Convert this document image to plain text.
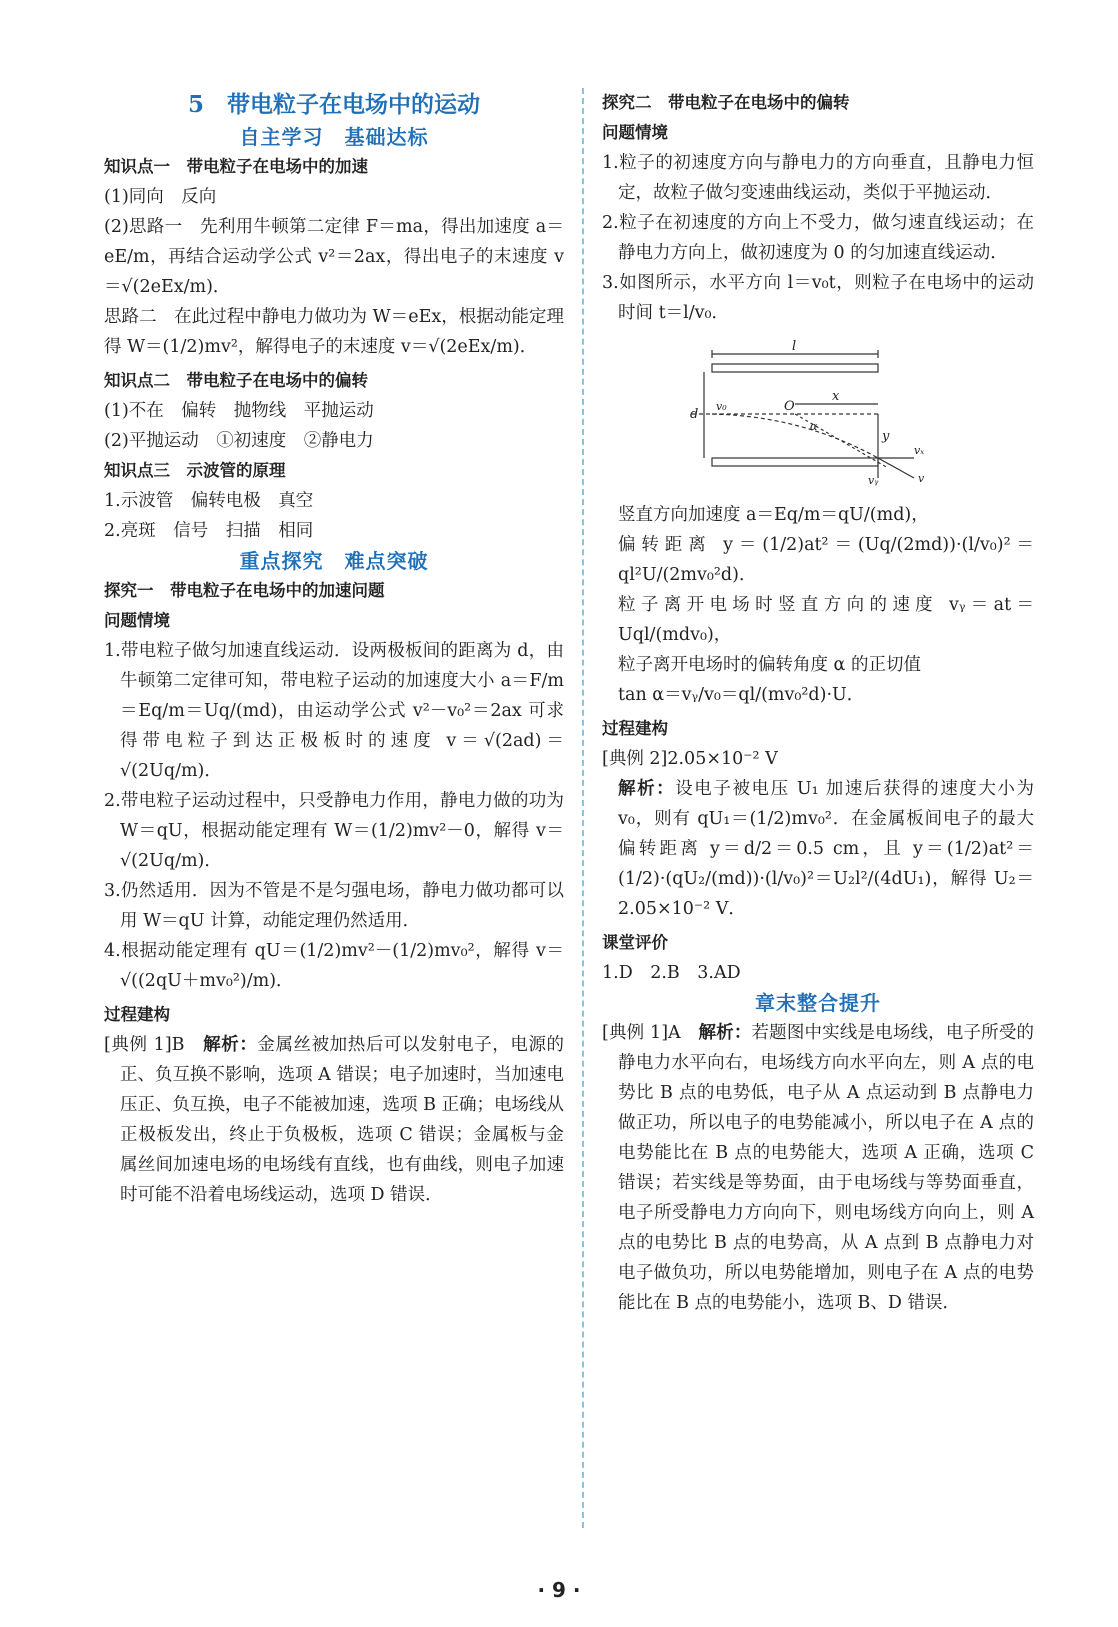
5　带电粒子在电场中的运动
自主学习　基础达标
知识点一　带电粒子在电场中的加速

(1)同向　反向

(2)思路一　先利用牛顿第二定律 F＝ma，得出加速度 a＝eE/m，再结合运动学公式 v²＝2ax，得出电子的末速度 v＝√(2eEx/m)．

思路二　在此过程中静电力做功为 W＝eEx，根据动能定理得 W＝(1/2)mv²，解得电子的末速度 v＝√(2eEx/m)．

知识点二　带电粒子在电场中的偏转

(1)不在　偏转　抛物线　平抛运动

(2)平抛运动　①初速度　②静电力

知识点三　示波管的原理

1.示波管　偏转电极　真空

2.亮斑　信号　扫描　相同

重点探究　难点突破
探究一　带电粒子在电场中的加速问题
问题情境

1.带电粒子做匀加速直线运动．设两极板间的距离为 d，由牛顿第二定律可知，带电粒子运动的加速度大小 a＝F/m＝Eq/m＝Uq/(md)，由运动学公式 v²－v₀²＝2ax 可求得带电粒子到达正极板时的速度 v＝√(2ad)＝√(2Uq/m)．

2.带电粒子运动过程中，只受静电力作用，静电力做的功为 W＝qU，根据动能定理有 W＝(1/2)mv²－0，解得 v＝√(2Uq/m)．

3.仍然适用．因为不管是不是匀强电场，静电力做功都可以用 W＝qU 计算，动能定理仍然适用．

4.根据动能定理有 qU＝(1/2)mv²－(1/2)mv₀²，解得 v＝√((2qU＋mv₀²)/m)．

过程建构

[典例 1]B　 解析：金属丝被加热后可以发射电子，电源的正、负互换不影响，选项 A 错误；电子加速时，当加速电压正、负互换，电子不能被加速，选项 B 正确；电场线从正极板发出，终止于负极板，选项 C 错误；金属板与金属丝间加速电场的电场线有直线，也有曲线，则电子加速时可能不沿着电场线运动，选项 D 错误．

探究二　带电粒子在电场中的偏转
问题情境

1.粒子的初速度方向与静电力的方向垂直，且静电力恒定，故粒子做匀变速曲线运动，类似于平抛运动．

2.粒子在初速度的方向上不受力，做匀速直线运动；在静电力方向上，做初速度为 0 的匀加速直线运动．

3.如图所示，水平方向 l＝v₀t，则粒子在电场中的运动时间 t＝l/v₀．

l
d
v₀	O
x
α
y
vₓ
vᵧ	v

竖直方向加速度 a＝Eq/m＝qU/(md)，

偏转距离 y＝(1/2)at²＝(Uq/(2md))·(l/v₀)²＝ql²U/(2mv₀²d)．

粒子离开电场时竖直方向的速度 vᵧ＝at＝Uql/(mdv₀)，

粒子离开电场时的偏转角度 α 的正切值

tan α＝vᵧ/v₀＝ql/(mv₀²d)·U．

过程建构

[典例 2]2.05×10⁻² V

解析：设电子被电压 U₁ 加速后获得的速度大小为 v₀，则有 qU₁＝(1/2)mv₀²．在金属板间电子的最大偏转距离 y＝d/2＝0.5 cm，且 y＝(1/2)at²＝(1/2)·(qU₂/(md))·(l/v₀)²＝U₂l²/(4dU₁)，解得 U₂＝2.05×10⁻² V．

课堂评价

1.D　2.B　3.AD

章末整合提升

[典例 1]A　 解析：若题图中实线是电场线，电子所受的静电力水平向右，电场线方向水平向左，则 A 点的电势比 B 点的电势低，电子从 A 点运动到 B 点静电力做正功，所以电子的电势能减小，所以电子在 A 点的电势能比在 B 点的电势能大，选项 A 正确，选项 C 错误；若实线是等势面，由于电场线与等势面垂直，电子所受静电力方向向下，则电场线方向向上，则 A 点的电势比 B 点的电势高，从 A 点到 B 点静电力对电子做负功，所以电势能增加，则电子在 A 点的电势能比在 B 点的电势能小，选项 B、D 错误．

· 9 ·
